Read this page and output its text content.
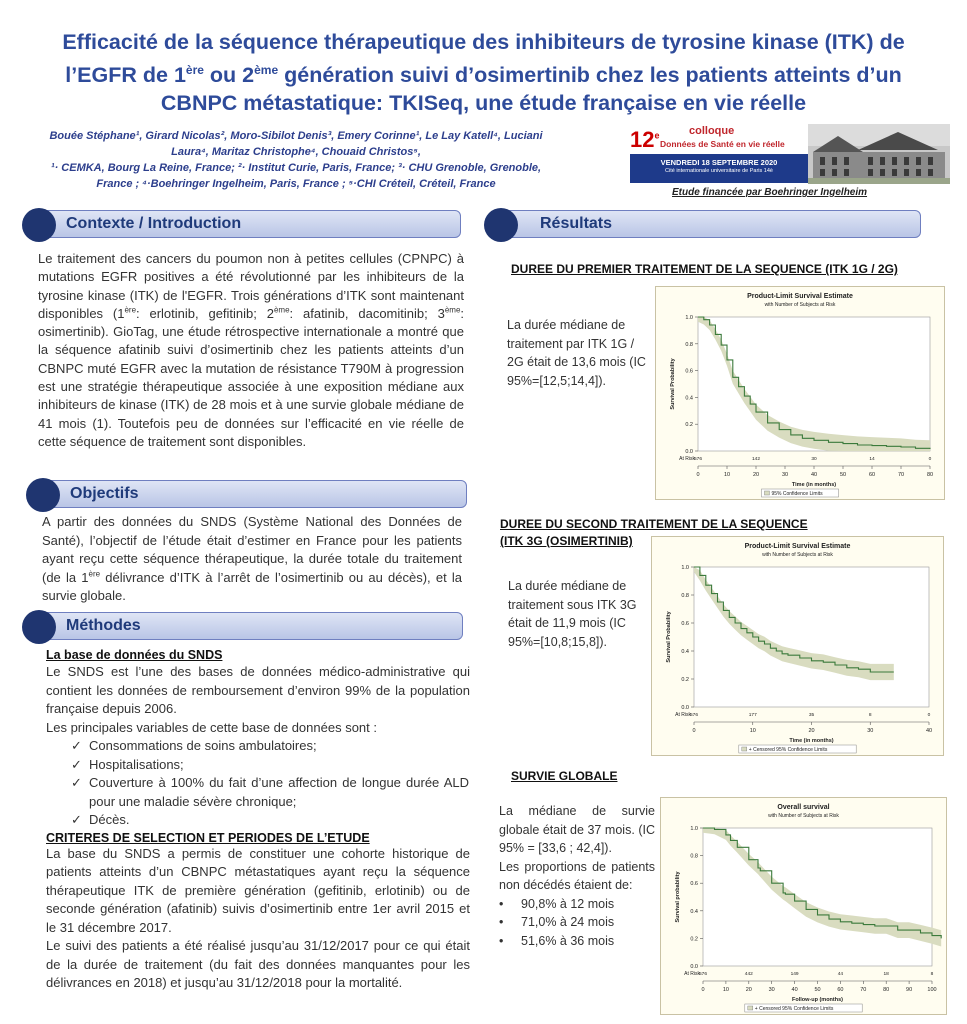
Efficacité de la séquence thérapeutique des inhibiteurs de tyrosine kinase (ITK) de
l’EGFR de 1ère ou 2ème génération suivi d’osimertinib chez les patients atteints d’un
CBNPC métastatique: TKISeq, une étude française en vie réelle
Bouée Stéphane¹, Girard Nicolas², Moro-Sibilot Denis³, Emery Corinne¹, Le Lay Katell⁴, Luciani
Laura⁴, Maritaz Christophe⁴, Chouaid Christos⁵,
¹· CEMKA, Bourg La Reine, France; ²· Institut Curie, Paris, France; ³· CHU Grenoble, Grenoble,
France ; ⁴·Boehringer Ingelheim, Paris, France ; ⁵·CHI Créteil, Créteil, France
12e	colloque
Données de Santé en vie réelle
VENDREDI 18 SEPTEMBRE 2020
Cité internationale universitaire de Paris 14è
Etude financée par Boehringer Ingelheim
Contexte / Introduction
Le traitement des cancers du poumon non à petites cellules (CPNPC) à mutations EGFR positives a été révolutionné par les inhibiteurs de la tyrosine kinase (ITK) de l'EGFR. Trois générations d’ITK sont maintenant disponibles (1ère: erlotinib, gefitinib; 2ème: afatinib, dacomitinib; 3ème: osimertinib). GioTag, une étude rétrospective internationale a montré que la séquence afatinib suivi d’osimertinib chez les patients atteints d’un CBNPC muté EGFR avec la mutation de résistance T790M à progression est une stratégie thérapeutique associée à une exposition médiane aux inhibiteurs de kinase (ITK) de 28 mois et à une survie globale médiane de 41 mois (1). Toutefois peu de données sur l’efficacité en vie réelle de cette séquence de traitement sont disponibles.
Objectifs
A partir des données du SNDS (Système National des Données de Santé), l’objectif de l’étude était d’estimer en France pour les patients ayant reçu cette séquence thérapeutique, la durée totale du traitement (de la 1ère délivrance d’ITK à l’arrêt de l’osimertinib ou au décès), et la survie globale.
Méthodes
La base de données du SNDS
Le SNDS est l’une des bases de données médico-administrative qui contient les données de remboursement d’environ 99% de la population française depuis 2006.
Les principales variables de cette base de données sont :
✓ Consommations de soins ambulatoires;
✓ Hospitalisations;
✓ Couverture à 100% du fait d’une affection de longue durée ALD pour une maladie sévère chronique;
✓ Décès.
CRITERES DE SELECTION ET PERIODES DE L’ETUDE
La base du SNDS a permis de constituer une cohorte historique de patients atteints d’un CBNPC métastatiques ayant reçu la séquence thérapeutique ITK de première génération (gefitinib, erlotinib) ou de seconde génération (afatinib) suivis d’osimertinib entre 1er avril 2015 et le 31 décembre 2017.
Le suivi des patients a été réalisé jusqu’au 31/12/2017 pour ce qui était de la durée de traitement (du fait des données manquantes pour les délivrances en 2018) et jusqu’au 31/12/2018 pour la mortalité.
Résultats
DUREE DU PREMIER TRAITEMENT DE LA SEQUENCE (ITK 1G / 2G)
La durée médiane de traitement par ITK 1G / 2G était de 13,6 mois (IC 95%=[12,5;14,4]).
DUREE DU SECOND TRAITEMENT DE LA SEQUENCE
(ITK 3G (OSIMERTINIB)
La durée médiane de traitement sous ITK 3G était de 11,9 mois (IC 95%=[10,8;15,8]).
SURVIE GLOBALE
La médiane de survie globale était de 37 mois. (IC 95% = [33,6 ; 42,4]).
Les proportions de patients non décédés étaient de:
• 90,8% à 12 mois
• 71,0% à 24 mois
• 51,6% à 36 mois
Product-Limit Survival Estimate
with Number of Subjects at Risk
0.0
0.2
0.4
0.6
0.8
1.0
Survival Probability
At Risk
576	142	30	14	0
0	10	20	30	40	50	60	70	80
Time (in months)
95% Confidence Limits
Product-Limit Survival Estimate
with Number of Subjects at Risk
0.0
0.2
0.4
0.6
0.8
1.0
Survival Probability
At Risk
576	177	35	8	0
0	10	20	30	40
Time (in months)
+ Censored 95% Confidence Limits
Overall survival
with Number of Subjects at Risk
0.0
0.2
0.4
0.6
0.8
1.0
Survival probability
At Risk
576	442	149	44	18	8
0	10	20	30	40	50	60	70	80	90	100
Follow-up (months)
+ Censored 95% Confidence Limits
